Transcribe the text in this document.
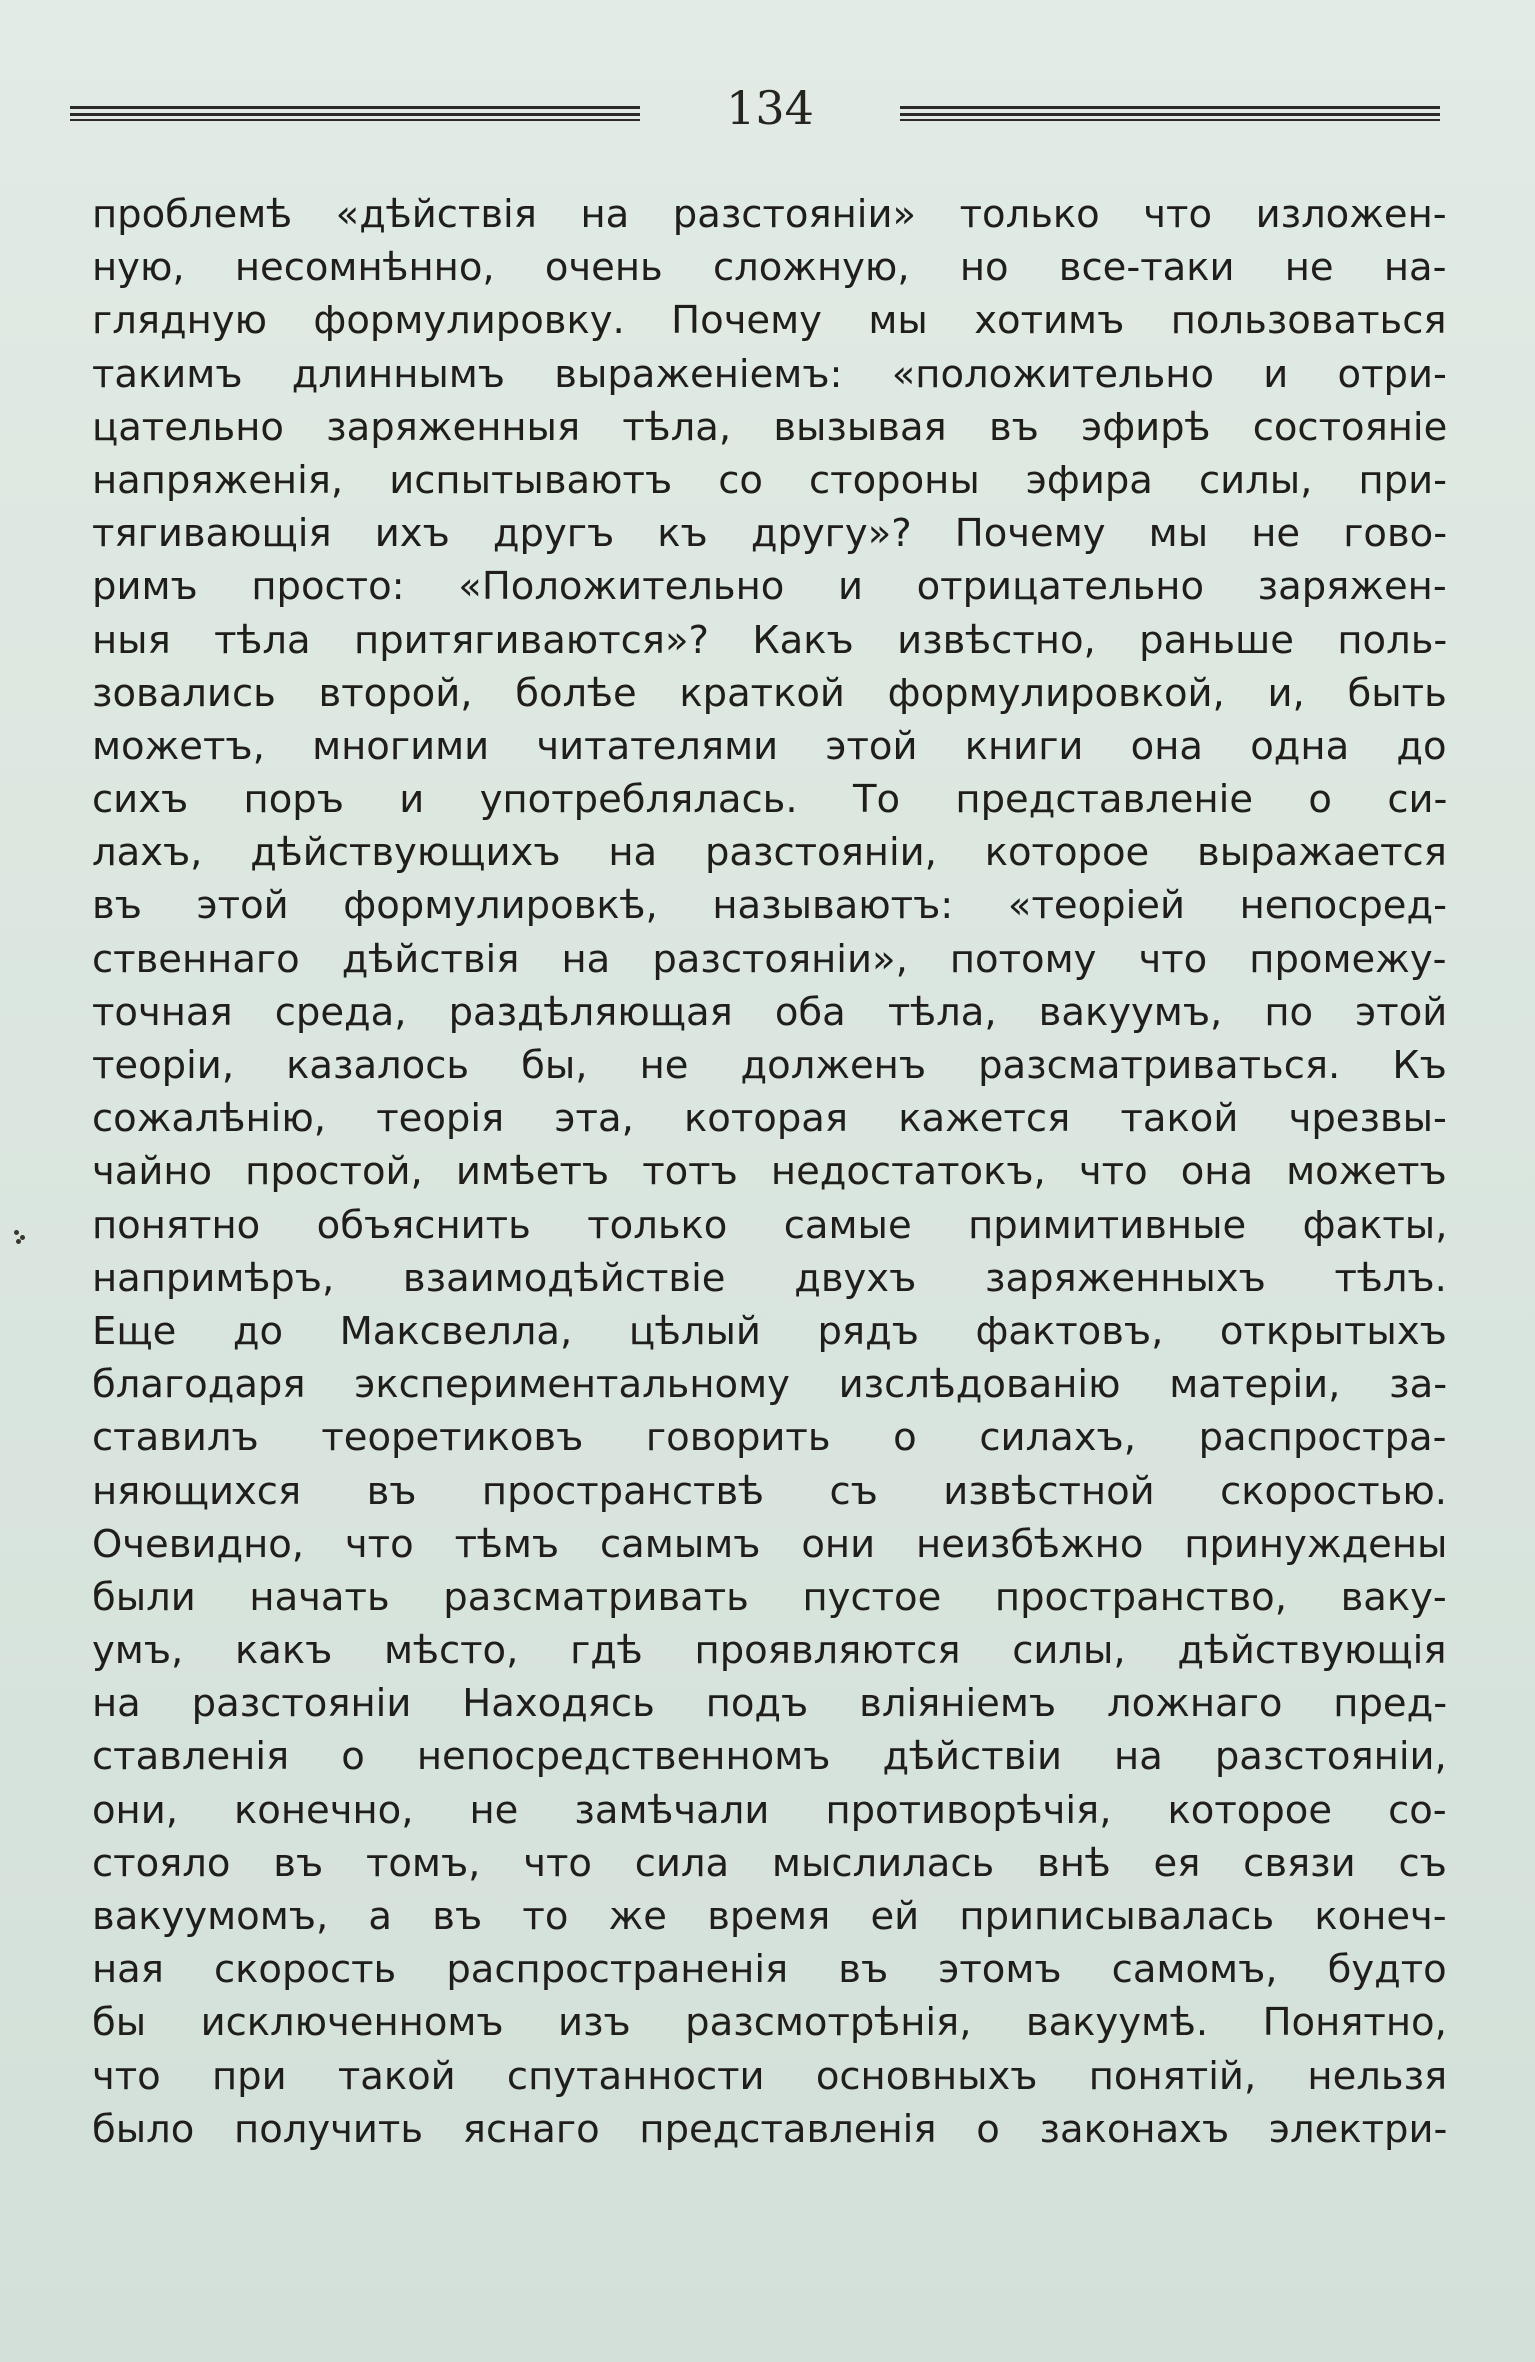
134
проблемѣ «дѣйствія на разстояніи» только что изложен-
ную, несомнѣнно, очень сложную, но все-таки не на-
глядную формулировку. Почему мы хотимъ пользоваться
такимъ длиннымъ выраженіемъ: «положительно и отри-
цательно заряженныя тѣла, вызывая въ эфирѣ состояніе
напряженія, испытываютъ со стороны эфира силы, при-
тягивающія ихъ другъ къ другу»? Почему мы не гово-
римъ просто: «Положительно и отрицательно заряжен-
ныя тѣла притягиваются»? Какъ извѣстно, раньше поль-
зовались второй, болѣе краткой формулировкой, и, быть
можетъ, многими читателями этой книги она одна до
сихъ поръ и употреблялась. То представленіе о си-
лахъ, дѣйствующихъ на разстояніи, которое выражается
въ этой формулировкѣ, называютъ: «теоріей непосред-
ственнаго дѣйствія на разстояніи», потому что промежу-
точная среда, раздѣляющая оба тѣла, вакуумъ, по этой
теоріи, казалось бы, не долженъ разсматриваться. Къ
сожалѣнію, теорія эта, которая кажется такой чрезвы-
чайно простой, имѣетъ тотъ недостатокъ, что она можетъ
понятно объяснить только самые примитивные факты,
напримѣръ, взаимодѣйствіе двухъ заряженныхъ тѣлъ.
Еще до Максвелла, цѣлый рядъ фактовъ, открытыхъ
благодаря экспериментальному изслѣдованію матеріи, за-
ставилъ теоретиковъ говорить о силахъ, распростра-
няющихся въ пространствѣ съ извѣстной скоростью.
Очевидно, что тѣмъ самымъ они неизбѣжно принуждены
были начать разсматривать пустое пространство, ваку-
умъ, какъ мѣсто, гдѣ проявляются силы, дѣйствующія
на разстояніи Находясь подъ вліяніемъ ложнаго пред-
ставленія о непосредственномъ дѣйствіи на разстояніи,
они, конечно, не замѣчали противорѣчія, которое со-
стояло въ томъ, что сила мыслилась внѣ ея связи съ
вакуумомъ, а въ то же время ей приписывалась конеч-
ная скорость распространенія въ этомъ самомъ, будто
бы исключенномъ изъ разсмотрѣнія, вакуумѣ. Понятно,
что при такой спутанности основныхъ понятій, нельзя
было получить яснаго представленія о законахъ электри-
